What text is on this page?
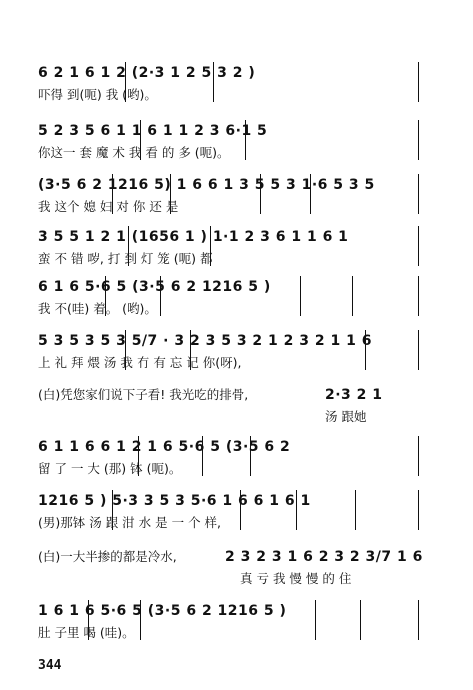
6 2 1 6 1 2 (2·3 1 2 5 3 2 )
吓得 到(呃) 我 (哟)。
5 2 3 5 6 1 1 6 1 1 2 3 6·1 5
你这一 套 魔 术 我 看 的 多 (呃)。
(3·5 6 2 1216 5) 1 6 6 1 3 5 5 3 1·6 5 3 5
我 这个 媳 妇 对 你 还 是
3 5 5 1 2 1 (1656 1 ) 1·1 2 3 6 1 1 6 1
蛮 不 错 哕, 打 到 灯 笼 (呃) 都
6 1 6 5·6 5 (3·5 6 2 1216 5 )
我 不(哇) 着。 (哟)。
5 3 5 3 5 3 5/7 · 3 2 3 5 3 2 1 2 3 2 1 1 6
上 礼 拜 煨 汤 我 冇 有 忘 记 你(呀),
(白)凭您家们说下子看! 我光吃的排骨,	2·3 2 1
汤 跟她
6 1 1 6 6 1 2 1 6 5·6 5 (3·5 6 2
留 了 一 大 (那) 钵 (呃)。
1216 5 ) 5·3 3 5 3 5·6 1 6 6 1 6 1
(男)那钵 汤 跟 泔 水 是 一 个 样,
(白)一大半掺的都是冷水,	2 3 2 3 1 6 2 3 2 3/7 1 6
真 亏 我 慢 慢 的 住
1 6 1 6 5·6 5 (3·5 6 2 1216 5 )
肚 子里 喝 (哇)。
344
